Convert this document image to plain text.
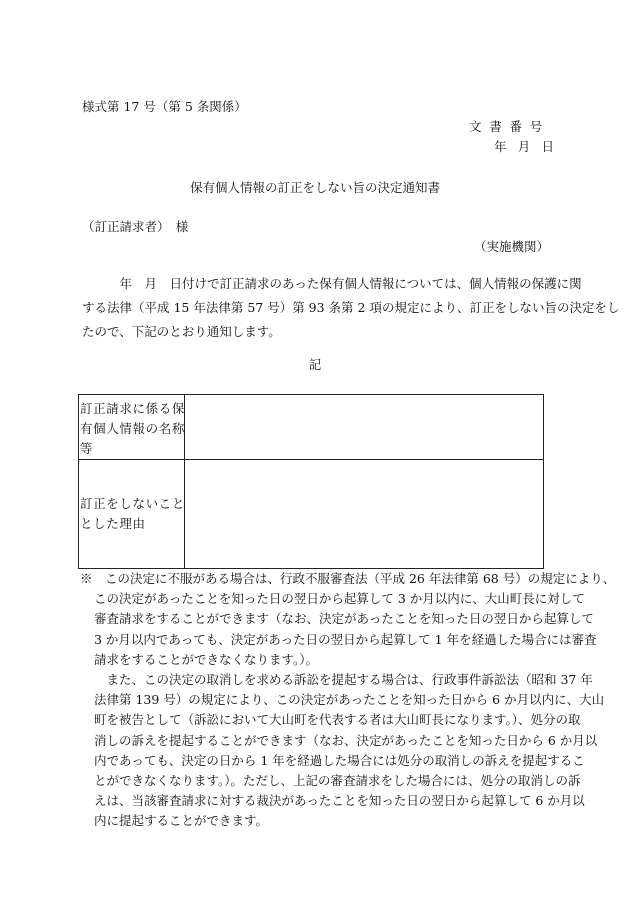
様式第 17 号（第 5 条関係）
文書番号
年月日
保有個人情報の訂正をしない旨の決定通知書
（訂正請求者）　様
（実施機関）
　　　年　月　日付けで訂正請求のあった保有個人情報については、個人情報の保護に関
する法律（平成 15 年法律第 57 号）第 93 条第 2 項の規定により、訂正をしない旨の決定をし
たので、下記のとおり通知します。
記
訂正請求に係る保
有個人情報の名称
等	

訂正をしないこと
とした理由	

※　この決定に不服がある場合は、行政不服審査法（平成 26 年法律第 68 号）の規定により、
この決定があったことを知った日の翌日から起算して 3 か月以内に、大山町長に対して
審査請求をすることができます（なお、決定があったことを知った日の翌日から起算して
3 か月以内であっても、決定があった日の翌日から起算して 1 年を経過した場合には審査
請求をすることができなくなります。）。
　また、この決定の取消しを求める訴訟を提起する場合は、行政事件訴訟法（昭和 37 年
法律第 139 号）の規定により、この決定があったことを知った日から 6 か月以内に、大山
町を被告として（訴訟において大山町を代表する者は大山町長になります。）、処分の取
消しの訴えを提起することができます（なお、決定があったことを知った日から 6 か月以
内であっても、決定の日から 1 年を経過した場合には処分の取消しの訴えを提起するこ
とができなくなります。）。ただし、上記の審査請求をした場合には、処分の取消しの訴
えは、当該審査請求に対する裁決があったことを知った日の翌日から起算して 6 か月以
内に提起することができます。
